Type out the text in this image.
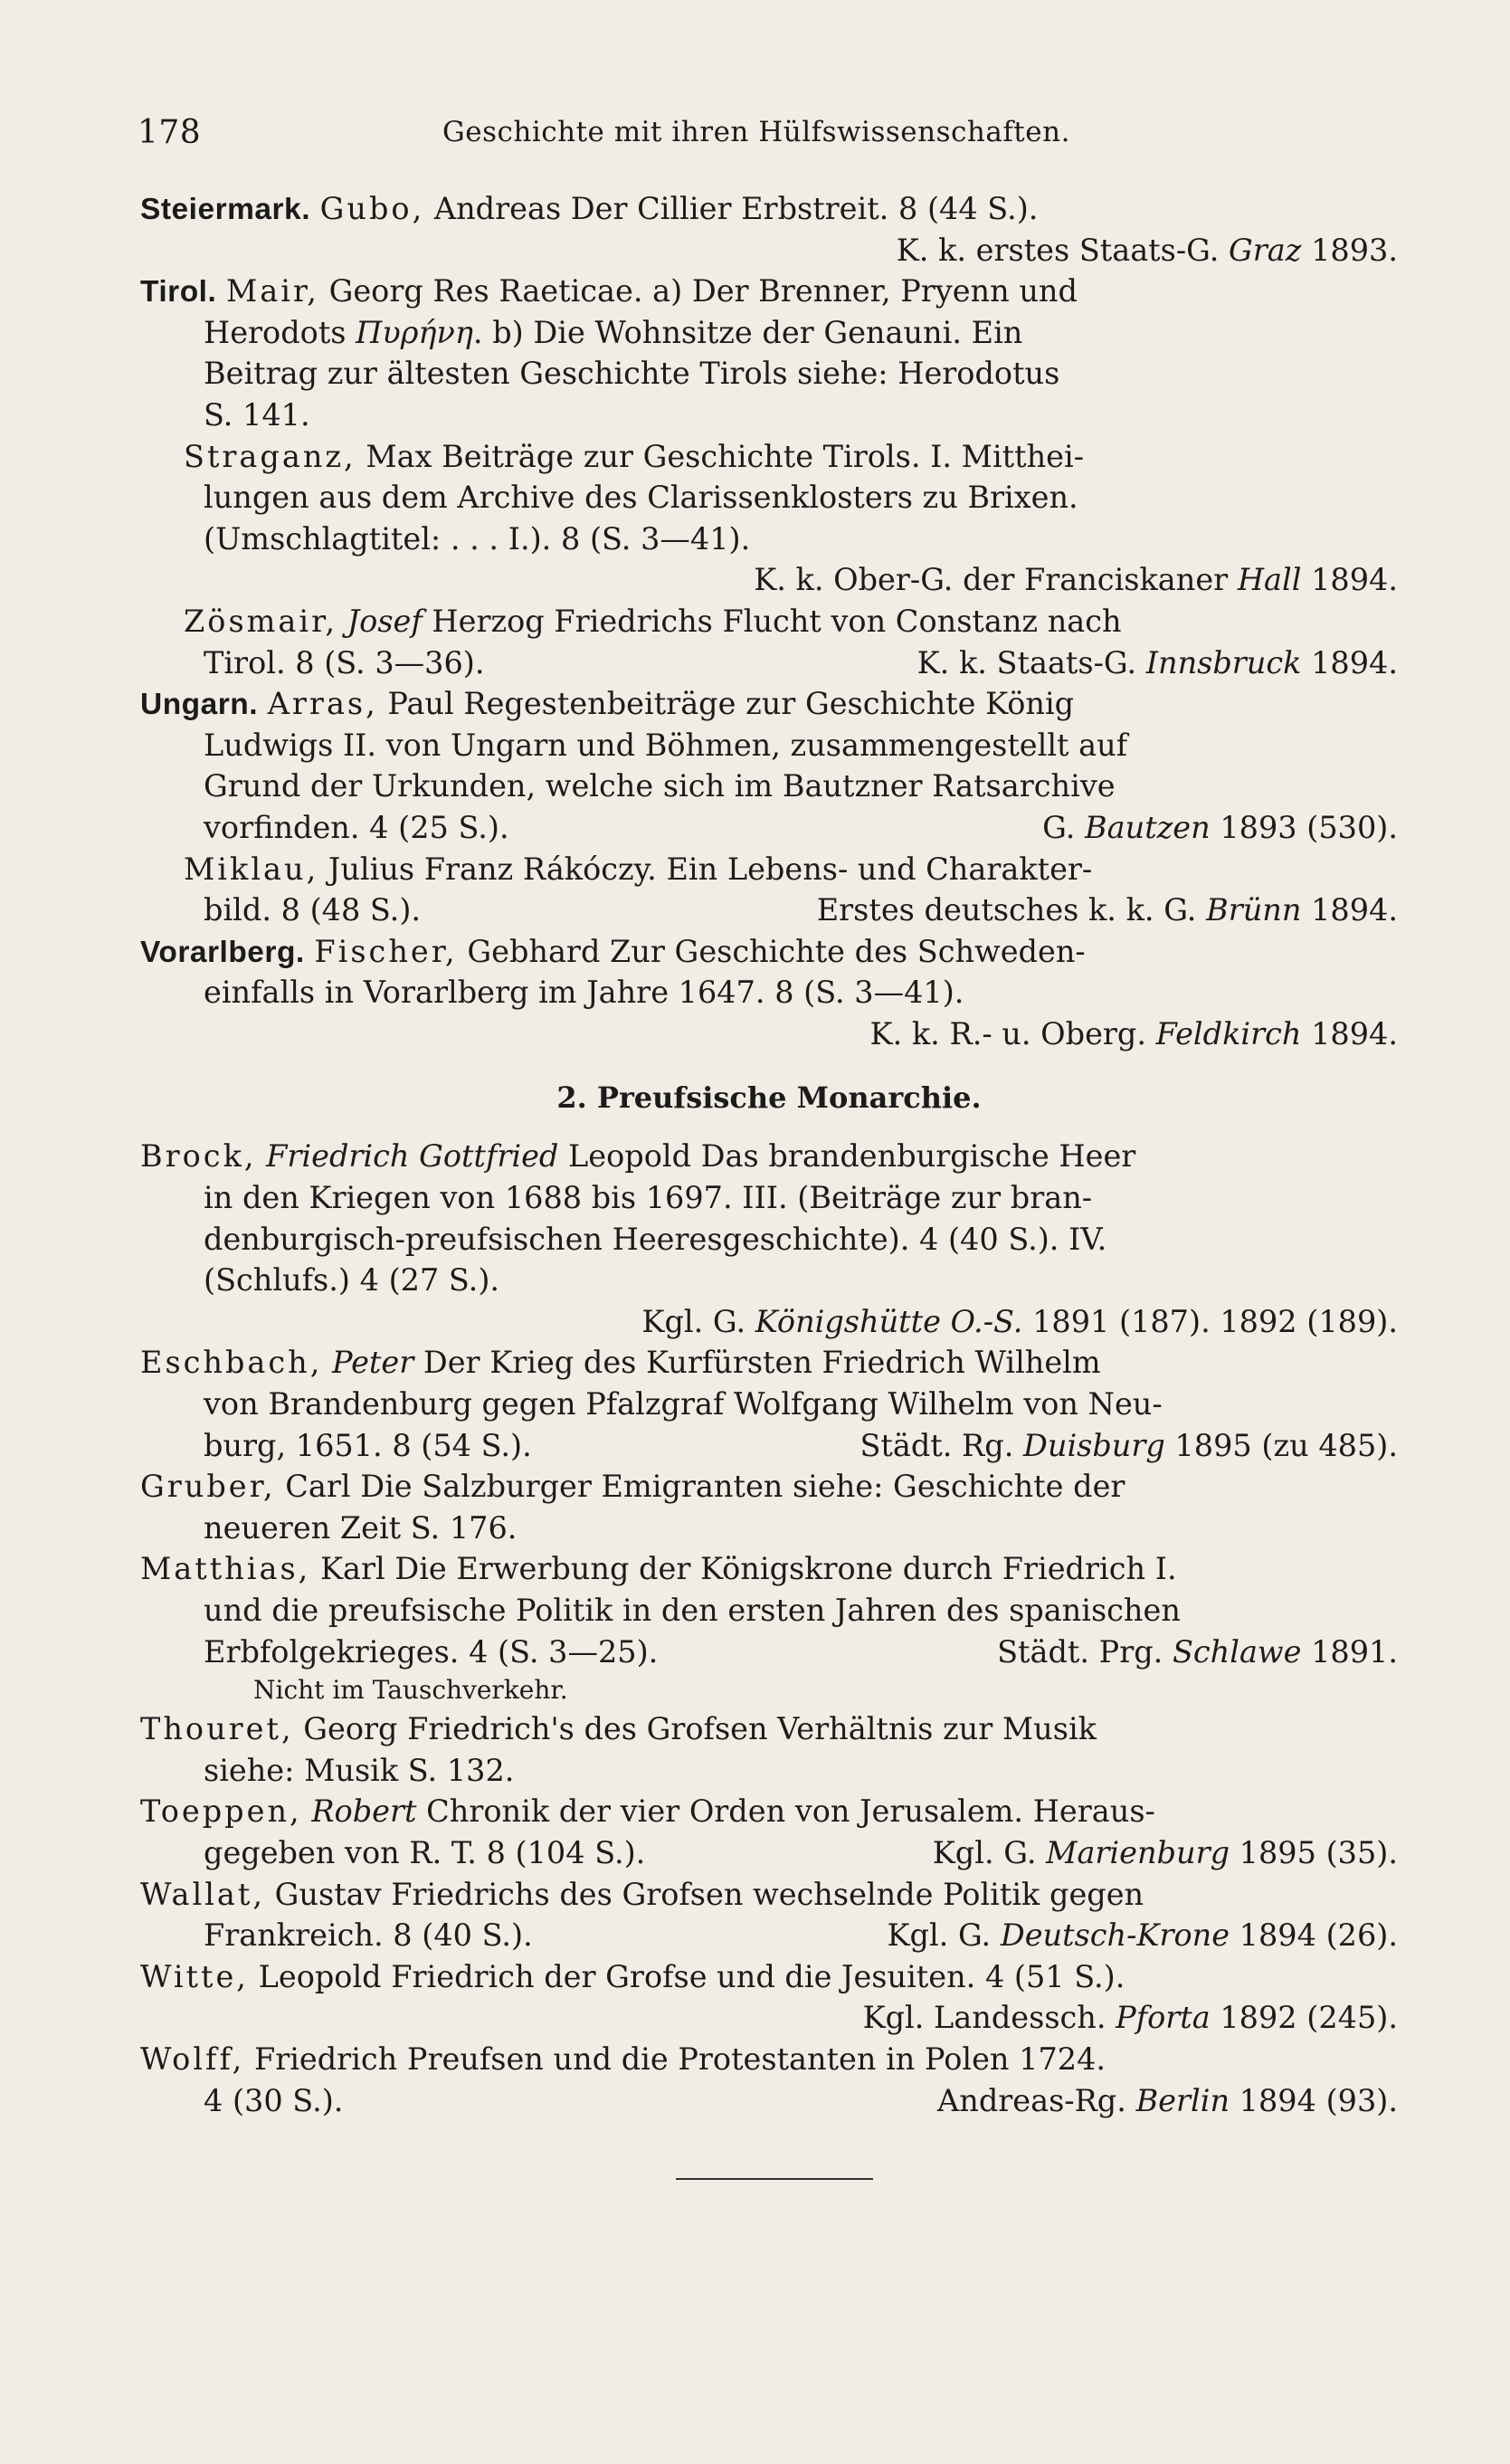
178	Geschichte mit ihren Hülfswissenschaften.
Steiermark. Gubo, Andreas Der Cillier Erbstreit. 8 (44 S.).
K. k. erstes Staats-G. Graz 1893.
Tirol. Mair, Georg Res Raeticae. a) Der Brenner, Pryenn und
Herodots Πυρήνη. b) Die Wohnsitze der Genauni. Ein
Beitrag zur ältesten Geschichte Tirols siehe: Herodotus
S. 141.
Straganz, Max Beiträge zur Geschichte Tirols. I. Mitthei-
lungen aus dem Archive des Clarissenklosters zu Brixen.
(Umschlagtitel: . . . I.). 8 (S. 3—41).
K. k. Ober-G. der Franciskaner Hall 1894.
Zösmair, Josef Herzog Friedrichs Flucht von Constanz nach
Tirol. 8 (S. 3—36).	K. k. Staats-G. Innsbruck 1894.
Ungarn. Arras, Paul Regestenbeiträge zur Geschichte König
Ludwigs II. von Ungarn und Böhmen, zusammengestellt auf
Grund der Urkunden, welche sich im Bautzner Ratsarchive
vorfinden. 4 (25 S.).	G. Bautzen 1893 (530).
Miklau, Julius Franz Rákóczy. Ein Lebens- und Charakter-
bild. 8 (48 S.).	Erstes deutsches k. k. G. Brünn 1894.
Vorarlberg. Fischer, Gebhard Zur Geschichte des Schweden-
einfalls in Vorarlberg im Jahre 1647. 8 (S. 3—41).
K. k. R.- u. Oberg. Feldkirch 1894.
2. Preufsische Monarchie.
Brock, Friedrich Gottfried Leopold Das brandenburgische Heer
in den Kriegen von 1688 bis 1697. III. (Beiträge zur bran-
denburgisch-preufsischen Heeresgeschichte). 4 (40 S.). IV.
(Schlufs.) 4 (27 S.).
Kgl. G. Königshütte O.-S. 1891 (187). 1892 (189).
Eschbach, Peter Der Krieg des Kurfürsten Friedrich Wilhelm
von Brandenburg gegen Pfalzgraf Wolfgang Wilhelm von Neu-
burg, 1651. 8 (54 S.).	Städt. Rg. Duisburg 1895 (zu 485).
Gruber, Carl Die Salzburger Emigranten siehe: Geschichte der
neueren Zeit S. 176.
Matthias, Karl Die Erwerbung der Königskrone durch Friedrich I.
und die preufsische Politik in den ersten Jahren des spanischen
Erbfolgekrieges. 4 (S. 3—25).	Städt. Prg. Schlawe 1891.
Nicht im Tauschverkehr.
Thouret, Georg Friedrich's des Grofsen Verhältnis zur Musik
siehe: Musik S. 132.
Toeppen, Robert Chronik der vier Orden von Jerusalem. Heraus-
gegeben von R. T. 8 (104 S.).	Kgl. G. Marienburg 1895 (35).
Wallat, Gustav Friedrichs des Grofsen wechselnde Politik gegen
Frankreich. 8 (40 S.).	Kgl. G. Deutsch-Krone 1894 (26).
Witte, Leopold Friedrich der Grofse und die Jesuiten. 4 (51 S.).
Kgl. Landessch. Pforta 1892 (245).
Wolff, Friedrich Preufsen und die Protestanten in Polen 1724.
4 (30 S.).	Andreas-Rg. Berlin 1894 (93).
